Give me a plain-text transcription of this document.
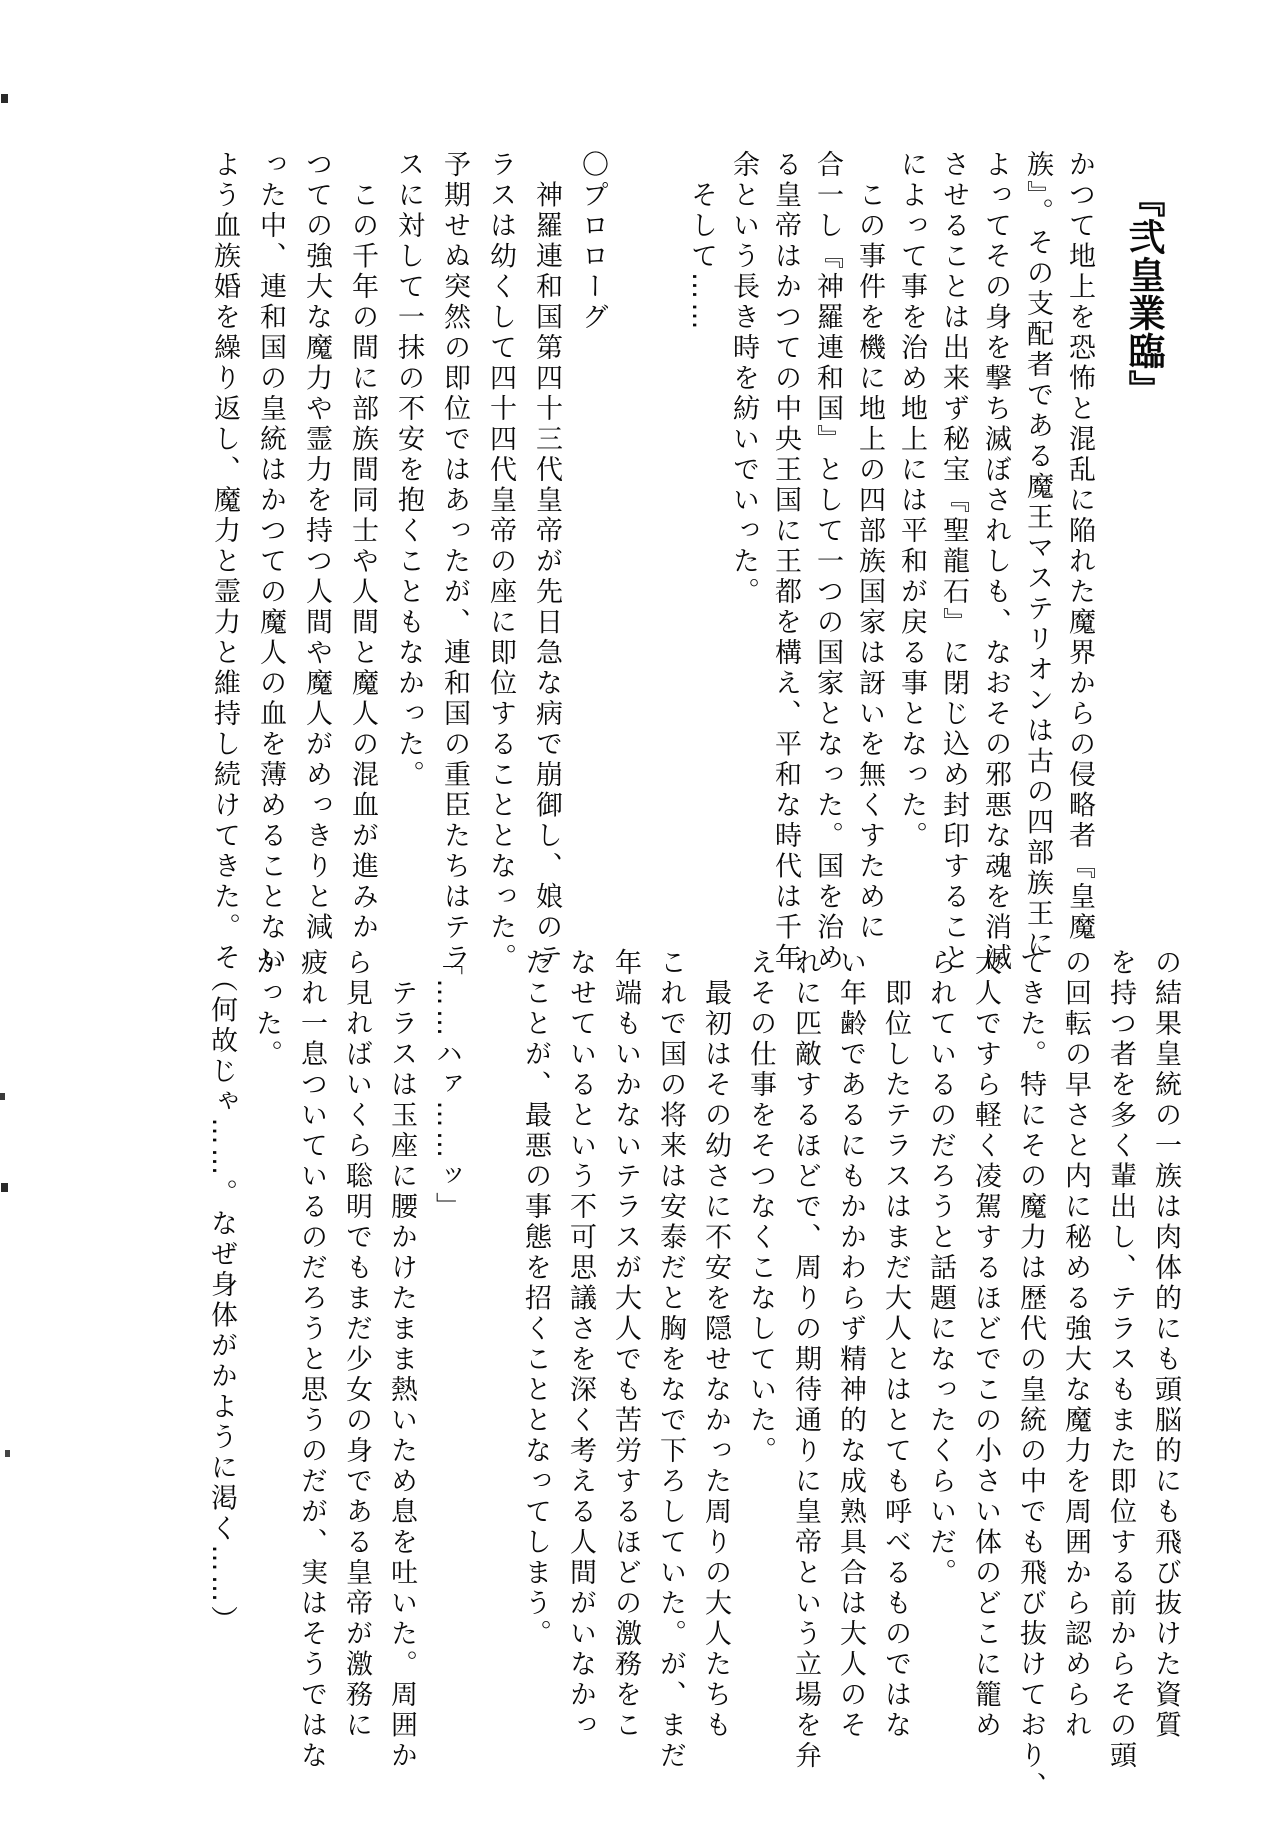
『弐皇業臨』
かつて地上を恐怖と混乱に陥れた魔界からの侵略者『皇魔
族』。その支配者である魔王マステリオンは古の四部族王に
よってその身を撃ち滅ぼされしも、なおその邪悪な魂を消滅
させることは出来ず秘宝『聖龍石』に閉じ込め封印すること
によって事を治め地上には平和が戻る事となった。
　この事件を機に地上の四部族国家は訝いを無くすために
合一し『神羅連和国』として一つの国家となった。国を治め
る皇帝はかつての中央王国に王都を構え、平和な時代は千年
余という長き時を紡いでいった。
　そして……
〇プロローグ
　神羅連和国第四十三代皇帝が先日急な病で崩御し、娘のテ
ラスは幼くして四十四代皇帝の座に即位することとなった。
予期せぬ突然の即位ではあったが、連和国の重臣たちはテラ
スに対して一抹の不安を抱くこともなかった。
　この千年の間に部族間同士や人間と魔人の混血が進みか
つての強大な魔力や霊力を持つ人間や魔人がめっきりと減
った中、連和国の皇統はかつての魔人の血を薄めることない
よう血族婚を繰り返し、魔力と霊力と維持し続けてきた。そ
の結果皇統の一族は肉体的にも頭脳的にも飛び抜けた資質
を持つ者を多く輩出し、テラスもまた即位する前からその頭
の回転の早さと内に秘める強大な魔力を周囲から認められ
てきた。特にその魔力は歴代の皇統の中でも飛び抜けており、
大人ですら軽く凌駕するほどでこの小さい体のどこに籠め
られているのだろうと話題になったくらいだ。
　即位したテラスはまだ大人とはとても呼べるものではな
い年齢であるにもかかわらず精神的な成熟具合は大人のそ
れに匹敵するほどで、周りの期待通りに皇帝という立場を弁
えその仕事をそつなくこなしていた。
　最初はその幼さに不安を隠せなかった周りの大人たちも
これで国の将来は安泰だと胸をなで下ろしていた。が、まだ
年端もいかないテラスが大人でも苦労するほどの激務をこ
なせているという不可思議さを深く考える人間がいなかっ
たことが、最悪の事態を招くこととなってしまう。
「……ハァ……ッ」
　テラスは玉座に腰かけたまま熱いため息を吐いた。周囲か
ら見ればいくら聡明でもまだ少女の身である皇帝が激務に
疲れ一息ついているのだろうと思うのだが、実はそうではな
かった。
　（何故じゃ……。なぜ身体がかように渇く……）
